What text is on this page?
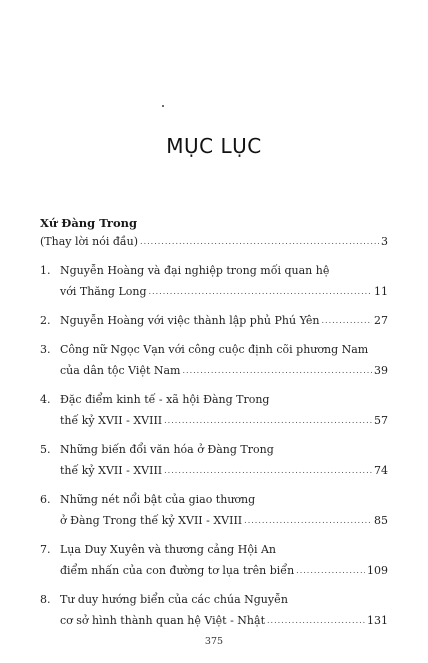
MỤC LỤC
Xứ Đàng Trong
(Thay lời nói đầu) .....	3
1. Nguyễn Hoàng và đại nghiệp trong mối quan hệ
với Thăng Long .....	11
2. Nguyễn Hoàng với việc thành lập phủ Phú Yên .....	27
3. Công nữ Ngọc Vạn với công cuộc định cõi phương Nam
của dân tộc Việt Nam .....	39
4. Đặc điểm kinh tế - xã hội Đàng Trong
thế kỷ XVII - XVIII .....	57
5. Những biến đổi văn hóa ở Đàng Trong
thế kỷ XVII - XVIII .....	74
6. Những nét nổi bật của giao thương
ở Đàng Trong thế kỷ XVII - XVIII .....	85
7. Lụa Duy Xuyên và thương cảng Hội An
điểm nhấn của con đường tơ lụa trên biển .....	109
8. Tư duy hướng biển của các chúa Nguyễn
cơ sở hình thành quan hệ Việt - Nhật .....	131
375
